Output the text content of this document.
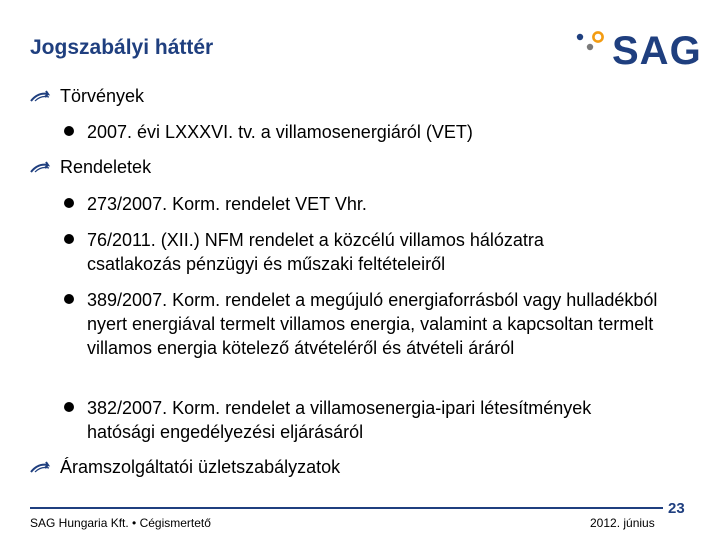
Jogszabályi háttér	SAG
Törvények
2007. évi LXXXVI. tv. a villamosenergiáról (VET)
Rendeletek
273/2007. Korm. rendelet VET Vhr.
76/2011. (XII.) NFM rendelet a közcélú villamos hálózatra csatlakozás pénzügyi és műszaki feltételeiről
389/2007. Korm. rendelet a megújuló energiaforrásból vagy hulladékból nyert energiával termelt villamos energia, valamint a kapcsoltan termelt villamos energia kötelező átvételéről és átvételi áráról
382/2007. Korm. rendelet a villamosenergia-ipari létesítmények hatósági engedélyezési eljárásáról
Áramszolgáltatói üzletszabályzatok
SAG Hungaria Kft. • Cégismertető	2012. június
23
